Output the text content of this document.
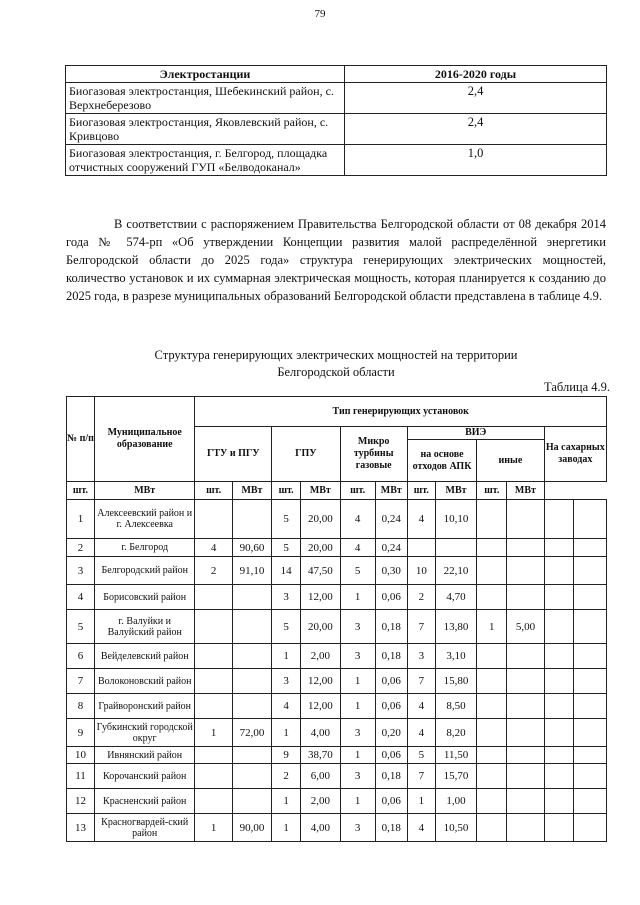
79
Электростанции	2016-2020 годы
Биогазовая электростанция, Шебекинский район, с. Верхнеберезово	2,4
Биогазовая электростанция, Яковлевский район, с. Кривцово	2,4
Биогазовая электростанция, г. Белгород, площадка отчистных сооружений ГУП «Белводоканал»	1,0

В соответствии с распоряжением Правительства Белгородской области от 08 декабря 2014 года № 574-рп «Об утверждении Концепции развития малой распределённой энергетики Белгородской области до 2025 года» структура генерирующих электрических мощностей, количество установок и их суммарная электрическая мощность, которая планируется к созданию до 2025 года, в разрезе муниципальных образований Белгородской области представлена в таблице 4.9.

Структура генерирующих электрических мощностей на территории
Белгородской области

Таблица 4.9.
№ п/п	Муниципальное образование	Тип генерирующих установок											
		ГТУ и ПГУ		ГПУ		Микро турбины газовые		ВИЭ				На сахарных заводах	
								на основе отходов АПК		иные			
шт.	МВт	шт.	МВт	шт.	МВт	шт.	МВт	шт.	МВт	шт.	МВт		
1	Алексеевский район и г. Алексеевка			5	20,00	4	0,24	4	10,10				
2	г. Белгород	4	90,60	5	20,00	4	0,24						
3	Белгородский район	2	91,10	14	47,50	5	0,30	10	22,10				
4	Борисовский район			3	12,00	1	0,06	2	4,70				
5	г. Валуйки и Валуйский район			5	20,00	3	0,18	7	13,80	1	5,00		
6	Вейделевский район			1	2,00	3	0,18	3	3,10				
7	Волоконовский район			3	12,00	1	0,06	7	15,80				
8	Грайворонский район			4	12,00	1	0,06	4	8,50				
9	Губкинский городской округ	1	72,00	1	4,00	3	0,20	4	8,20				
10	Ивнянский район			9	38,70	1	0,06	5	11,50				
11	Корочанский район			2	6,00	3	0,18	7	15,70				
12	Красненский район			1	2,00	1	0,06	1	1,00				
13	Красногвардей-ский район	1	90,00	1	4,00	3	0,18	4	10,50				
